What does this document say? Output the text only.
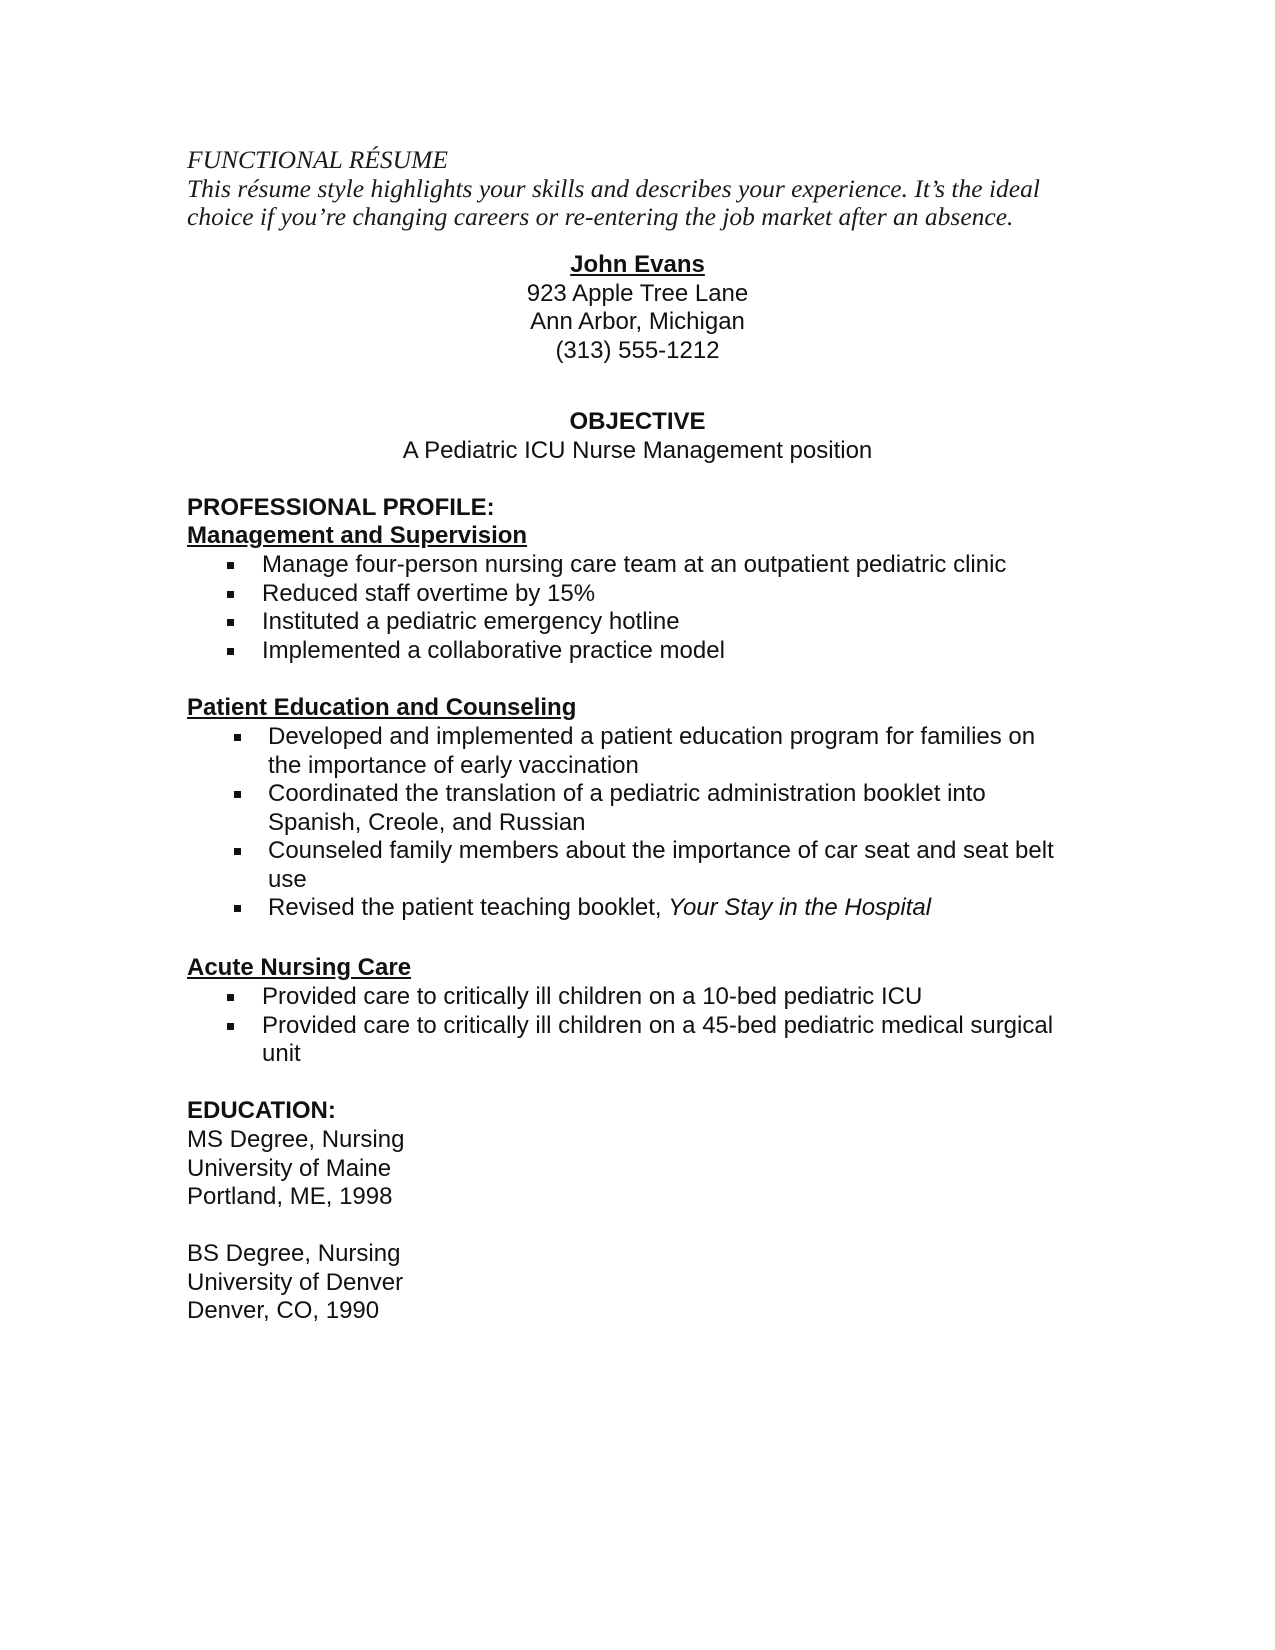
FUNCTIONAL RÉSUME
This résume style highlights your skills and describes your experience. It’s the ideal
choice if you’re changing careers or re-entering the job market after an absence.
John Evans
923 Apple Tree Lane
Ann Arbor, Michigan
(313) 555-1212
OBJECTIVE
A Pediatric ICU Nurse Management position
PROFESSIONAL PROFILE:
Management and Supervision
Manage four-person nursing care team at an outpatient pediatric clinic
Reduced staff overtime by 15%
Instituted a pediatric emergency hotline
Implemented a collaborative practice model
Patient Education and Counseling
Developed and implemented a patient education program for families on
the importance of early vaccination
Coordinated the translation of a pediatric administration booklet into
Spanish, Creole, and Russian
Counseled family members about the importance of car seat and seat belt
use
Revised the patient teaching booklet, Your Stay in the Hospital
Acute Nursing Care
Provided care to critically ill children on a 10-bed pediatric ICU
Provided care to critically ill children on a 45-bed pediatric medical surgical
unit
EDUCATION:
MS Degree, Nursing
University of Maine
Portland, ME, 1998
BS Degree, Nursing
University of Denver
Denver, CO, 1990
